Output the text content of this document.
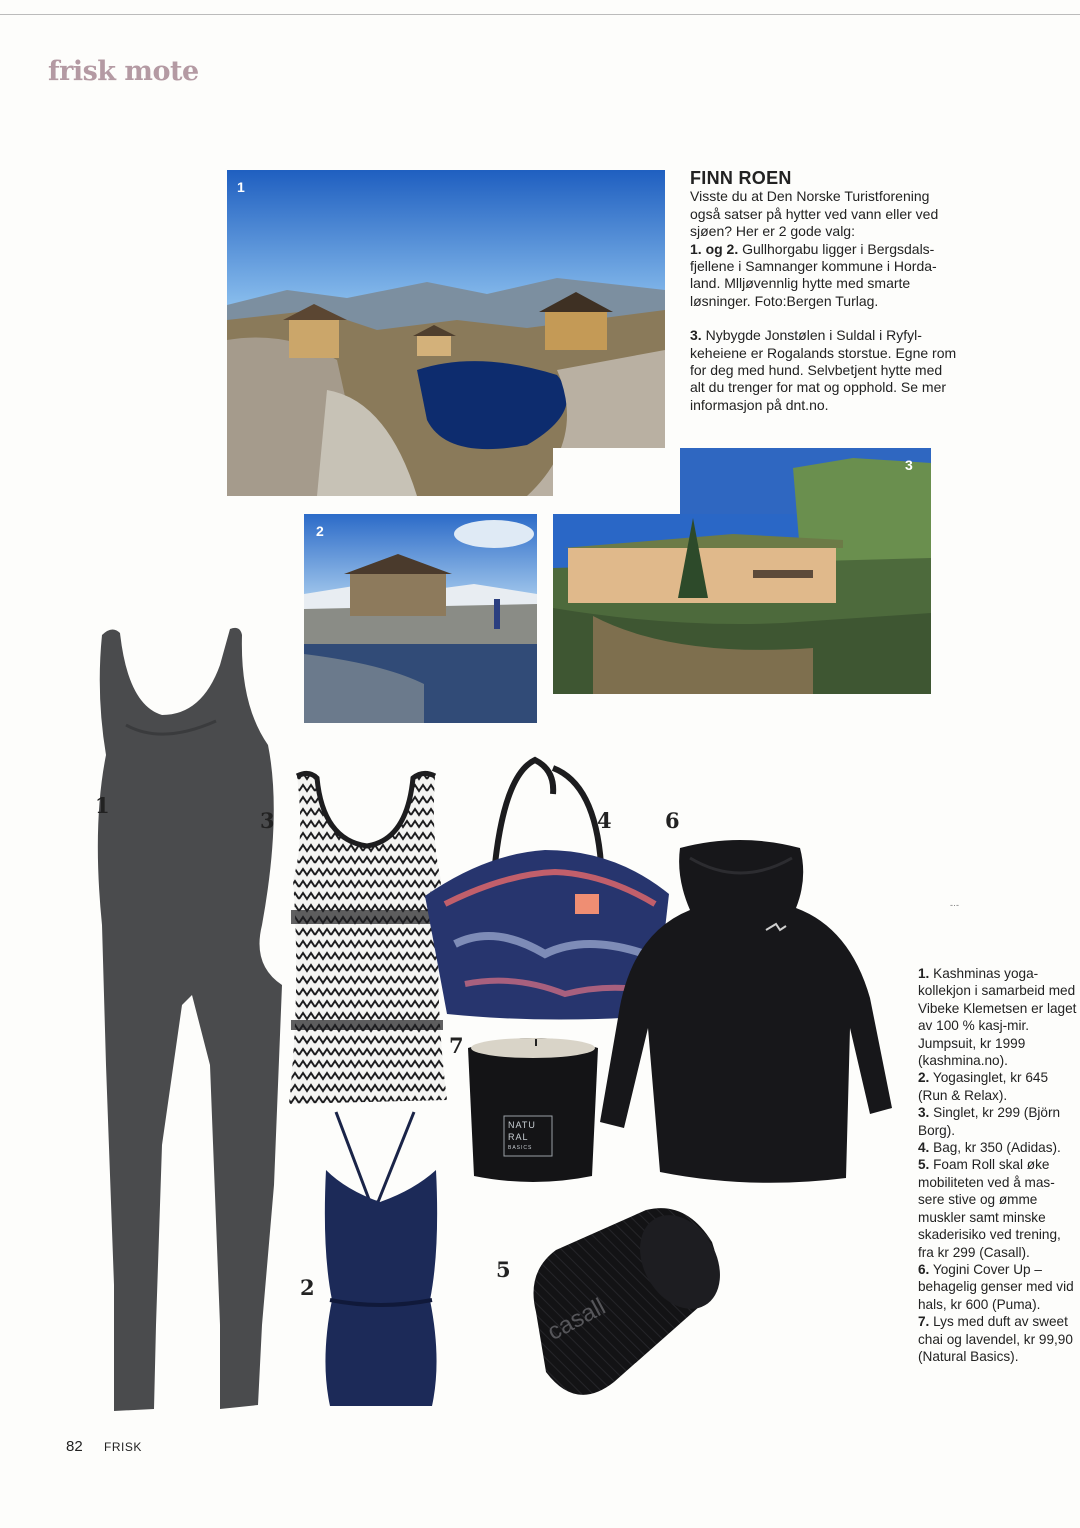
frisk mote
1
2
3
FINN ROEN

Visste du at Den Norske Turistforening også satser på hytter ved vann eller ved sjøen? Her er 2 gode valg:

1. og 2. Gullhorgabu ligger i Bergsdals-fjellene i Samnanger kommune i Horda-land. Mlljøvennlig hytte med smarte løsninger. Foto:Bergen Turlag.

3. Nybygde Jonstølen i Suldal i Ryfyl-keheiene er Rogalands storstue. Egne rom for deg med hund. Selvbetjent hytte med alt du trenger for mat og opphold. Se mer informasjon på dnt.no.

1
3
2
4	6
NATU
RAL
BASICS
7
casall
5
-·-

1. Kashminas yoga-kollekjon i samarbeid med Vibeke Klemetsen er laget av 100 % kasj-mir. Jumpsuit, kr 1999 (kashmina.no).

2. Yogasinglet, kr 645 (Run & Relax).

3. Singlet, kr 299 (Björn Borg).

4. Bag, kr 350 (Adidas).

5. Foam Roll skal øke mobiliteten ved å mas-sere stive og ømme muskler samt minske skaderisiko ved trening, fra kr 299 (Casall).

6. Yogini Cover Up – behagelig genser med vid hals, kr 600 (Puma).

7. Lys med duft av sweet chai og lavendel, kr 99,90 (Natural Basics).

82 FRISK
